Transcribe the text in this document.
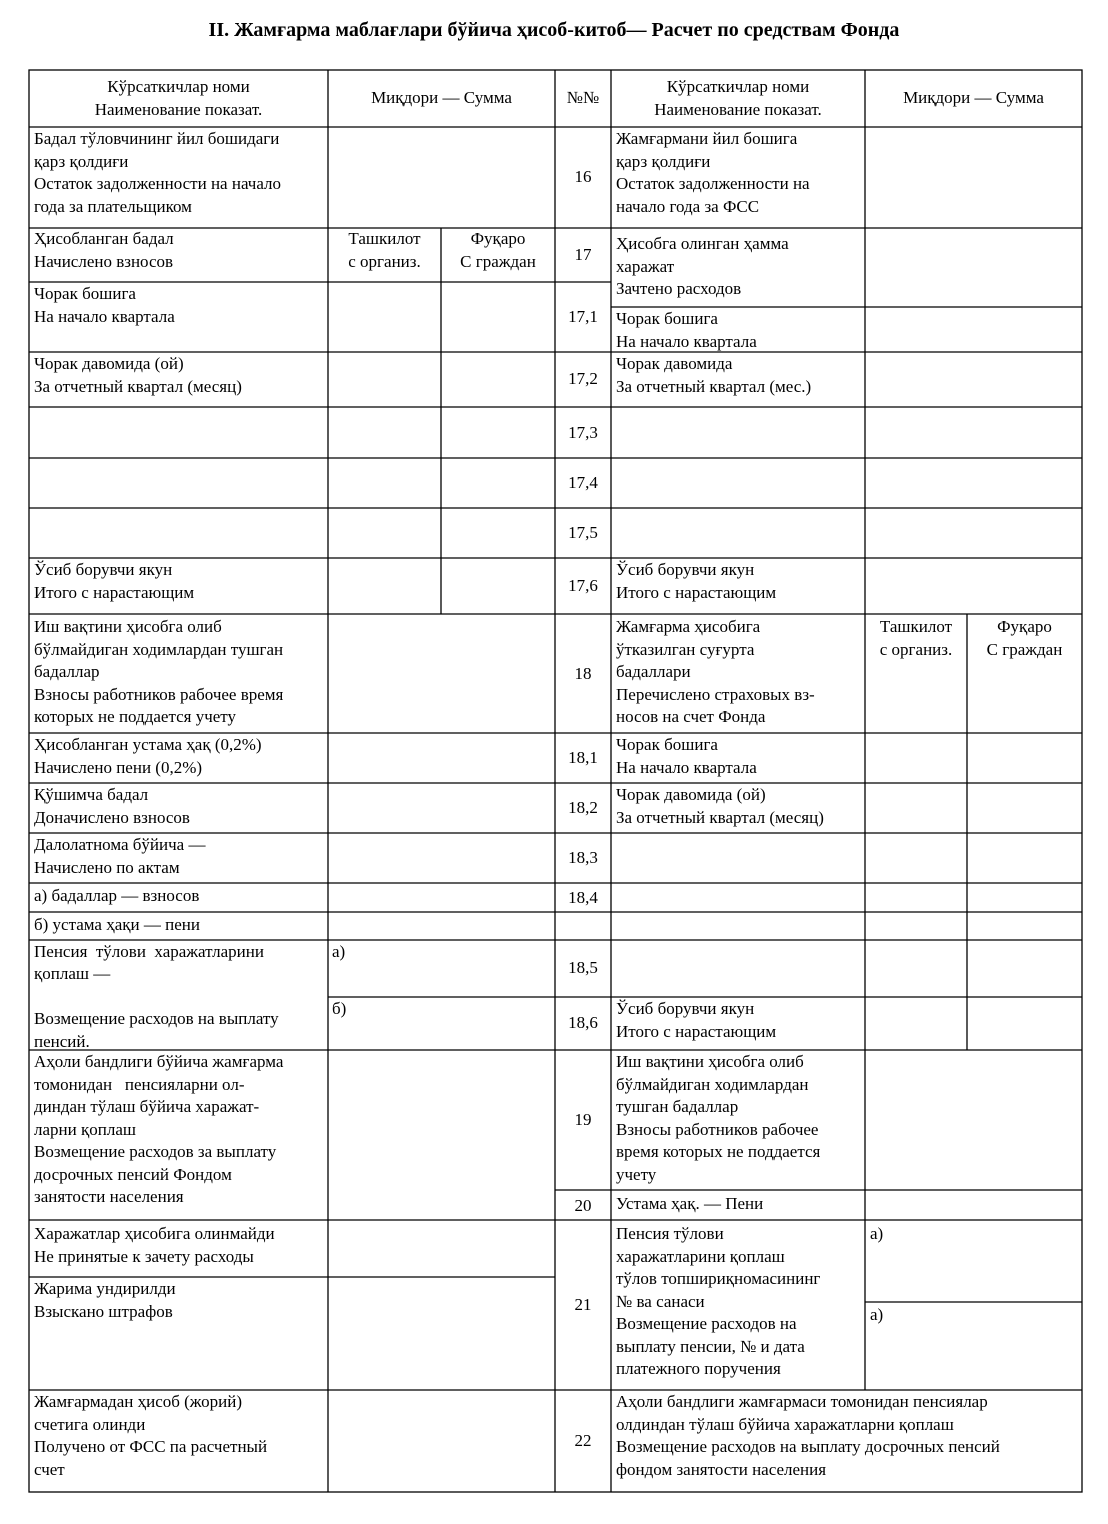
II. Жамғарма маблағлари бўйича ҳисоб-китоб— Расчет по средствам Фонда
Кўрсаткичлар номи
Наименование показат.
Миқдори — Сумма	№№
Кўрсаткичлар номи
Наименование показат.
Миқдори — Сумма
Бадал тўловчининг йил бошидаги
қарз қолдиғи
Остаток задолженности на начало
года за плательщиком
Ҳисобланган бадал
Начислено взносов
Ташкилот
с организ.
Фуқаро
С граждан
Чорак бошига
На начало квартала
Чорак давомида (ой)
За отчетный квартал (месяц)
Ўсиб борувчи якун
Итого с нарастающим
Иш вақтини ҳисобга олиб
бўлмайдиган ходимлардан тушган
бадаллар
Взносы работников рабочее время
которых не поддается учету
Ҳисобланган устама ҳақ (0,2%)
Начислено пени (0,2%)
Қўшимча бадал
Доначислено взносов
Далолатнома бўйича —
Начислено по актам
а) бадаллар — взносов
б) устама ҳақи — пени
Пенсия  тўлови  харажатларини
қоплаш —
Возмещение расходов на выплату
пенсий.
а)
б)
Аҳоли бандлиги бўйича жамғарма
томонидан   пенсияларни ол-
диндан тўлаш бўйича харажат-
ларни қоплаш
Возмещение расходов за выплату
досрочных пенсий Фондом
занятости населения
Харажатлар ҳисобига олинмайди
Не принятые к зачету расходы
Жарима ундирилди
Взыскано штрафов
Жамғармадан ҳисоб (жорий)
счетига олинди
Получено от ФСС па расчетный
счет
16
17
17,1
17,2
17,3
17,4
17,5
17,6
18
18,1
18,2
18,3
18,4
18,5
18,6
19
20
21
22
Жамғармани йил бошига
қарз қолдиғи
Остаток задолженности на
начало года за ФСС
Ҳисобга олинган ҳамма
харажат
Зачтено расходов
Чорак бошига
На начало квартала
Чорак давомида
За отчетный квартал (мес.)
Ўсиб борувчи якун
Итого с нарастающим
Жамғарма ҳисобига
ўтказилган суғурта
бадаллари
Перечислено страховых вз-
носов на счет Фонда
Ташкилот
с организ.
Фуқаро
С граждан
Чорак бошига
На начало квартала
Чорак давомида (ой)
За отчетный квартал (месяц)
Ўсиб борувчи якун
Итого с нарастающим
Иш вақтини ҳисобга олиб
бўлмайдиган ходимлардан
тушган бадаллар
Взносы работников рабочее
время которых не поддается
учету
Устама ҳақ. — Пени
Пенсия тўлови
харажатларини қоплаш
тўлов топшириқномасининг
№ ва санаси
Возмещение расходов на
выплату пенсии, № и дата
платежного поручения
а)
а)
Аҳоли бандлиги жамғармаси томонидан пенсиялар
олдиндан тўлаш бўйича харажатларни қоплаш
Возмещение расходов на выплату досрочных пенсий
фондом занятости населения
